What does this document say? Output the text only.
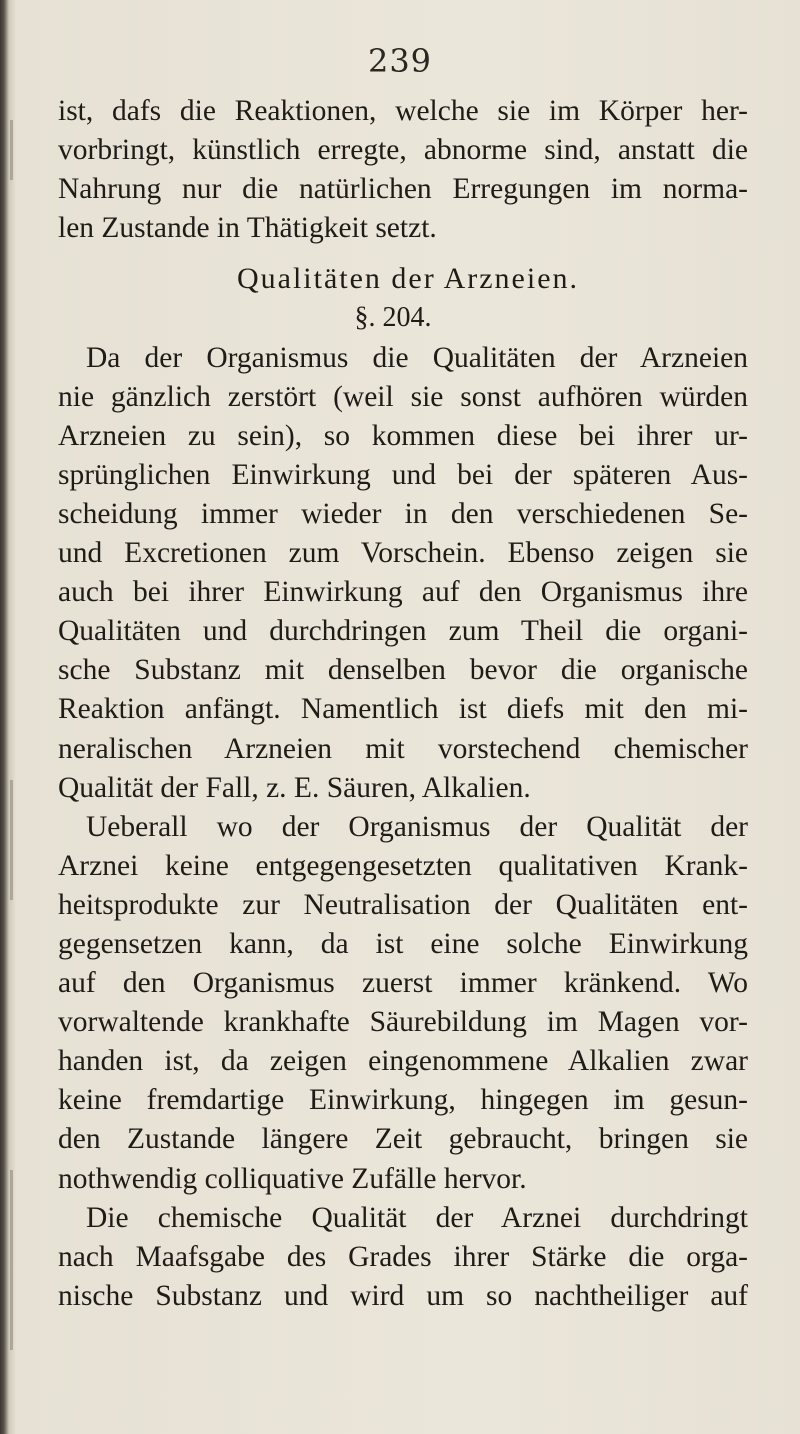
239
ist, dafs die Reaktionen, welche sie im Körper her-
vorbringt, künstlich erregte, abnorme sind, anstatt die
Nahrung nur die natürlichen Erregungen im norma-
len Zustande in Thätigkeit setzt.
Qualitäten der Arzneien.
§. 204.
Da der Organismus die Qualitäten der Arzneien
nie gänzlich zerstört (weil sie sonst aufhören würden
Arzneien zu sein), so kommen diese bei ihrer ur-
sprünglichen Einwirkung und bei der späteren Aus-
scheidung immer wieder in den verschiedenen Se-
und Excretionen zum Vorschein. Ebenso zeigen sie
auch bei ihrer Einwirkung auf den Organismus ihre
Qualitäten und durchdringen zum Theil die organi-
sche Substanz mit denselben bevor die organische
Reaktion anfängt. Namentlich ist diefs mit den mi-
neralischen Arzneien mit vorstechend chemischer
Qualität der Fall, z. E. Säuren, Alkalien.
Ueberall wo der Organismus der Qualität der
Arznei keine entgegengesetzten qualitativen Krank-
heitsprodukte zur Neutralisation der Qualitäten ent-
gegensetzen kann, da ist eine solche Einwirkung
auf den Organismus zuerst immer kränkend. Wo
vorwaltende krankhafte Säurebildung im Magen vor-
handen ist, da zeigen eingenommene Alkalien zwar
keine fremdartige Einwirkung, hingegen im gesun-
den Zustande längere Zeit gebraucht, bringen sie
nothwendig colliquative Zufälle hervor.
Die chemische Qualität der Arznei durchdringt
nach Maafsgabe des Grades ihrer Stärke die orga-
nische Substanz und wird um so nachtheiliger auf
